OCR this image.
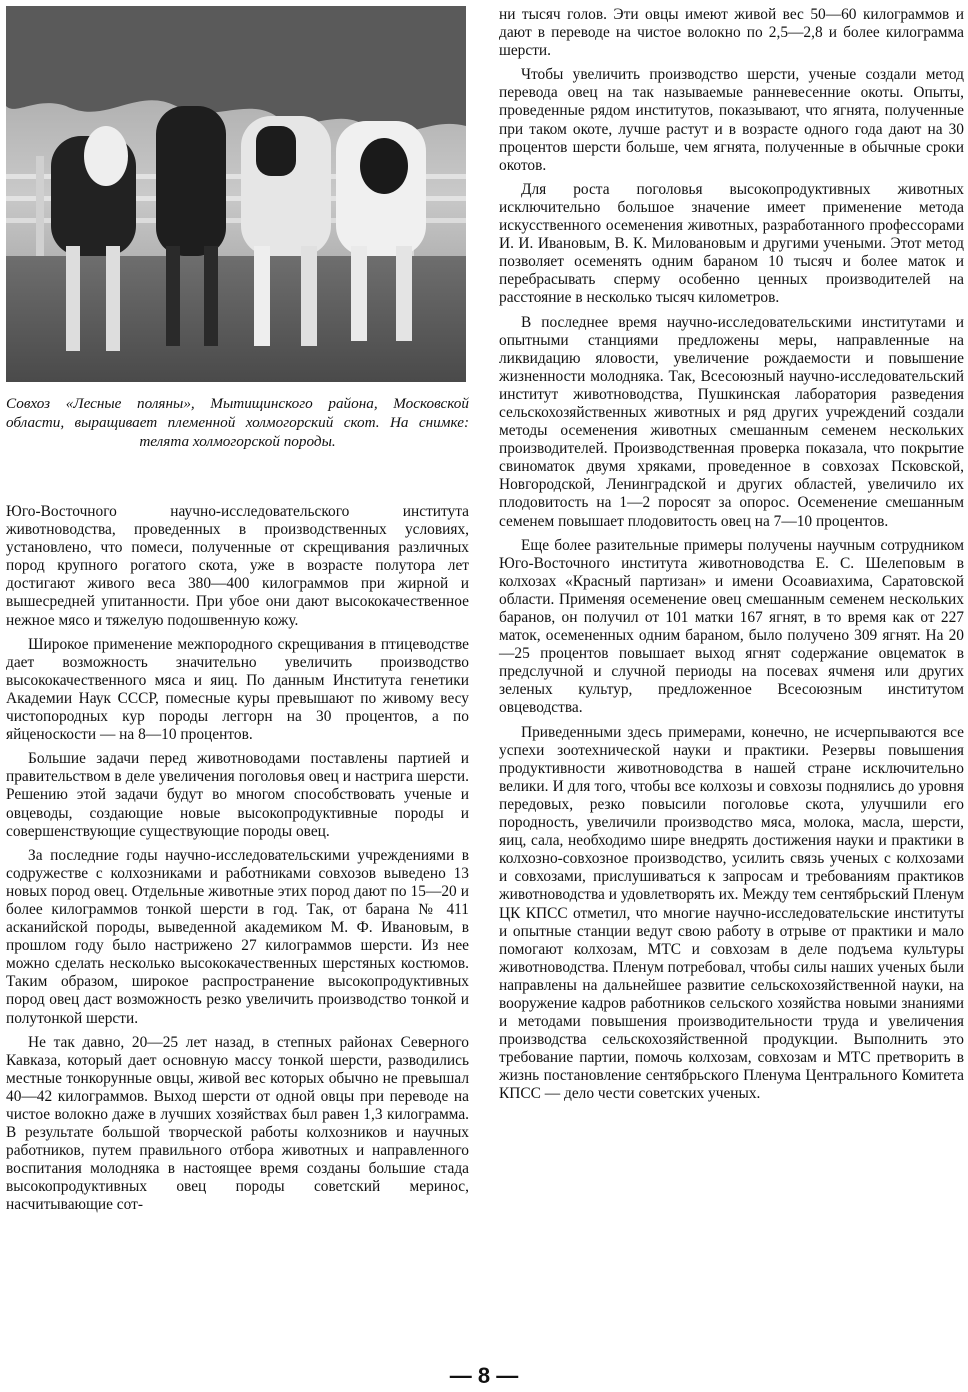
Совхоз «Лесные поляны», Мытищинского района, Московской области, выращивает племенной холмогорский скот. На снимке: телята холмогорской породы.

Юго-Восточного научно-исследовательского института животноводства, проведенных в производственных условиях, установлено, что помеси, полученные от скрещивания различных пород крупного рогатого скота, уже в возрасте полутора лет достигают живого веса 380—400 килограммов при жирной и вышесредней упитанности. При убое они дают высококачественное нежное мясо и тяжелую подошвенную кожу.

Широкое применение межпородного скрещивания в птицеводстве дает возможность значительно увеличить производство высококачественного мяса и яиц. По данным Института генетики Академии Наук СССР, помесные куры превышают по живому весу чистопородных кур породы леггорн на 30 процентов, а по яйценоскости — на 8—10 процентов.

Большие задачи перед животноводами поставлены партией и правительством в деле увеличения поголовья овец и настрига шерсти. Решению этой задачи будут во многом способствовать ученые и овцеводы, создающие новые высокопродуктивные породы и совершенствующие существующие породы овец.

За последние годы научно-исследовательскими учреждениями в содружестве с колхозниками и работниками совхозов выведено 13 новых пород овец. Отдельные животные этих пород дают по 15—20 и более килограммов тонкой шерсти в год. Так, от барана № 411 асканийской породы, выведенной академиком М. Ф. Ивановым, в прошлом году было настрижено 27 килограммов шерсти. Из нее можно сделать несколько высококачественных шерстяных костюмов. Таким образом, широкое распространение высокопродуктивных пород овец даст возможность резко увеличить производство тонкой и полутонкой шерсти.

Не так давно, 20—25 лет назад, в степных районах Северного Кавказа, который дает основную массу тонкой шерсти, разводились местные тонкорунные овцы, живой вес которых обычно не превышал 40—42 килограммов. Выход шерсти от одной овцы при переводе на чистое волокно даже в лучших хозяйствах был равен 1,3 килограмма. В результате большой творческой работы колхозников и научных работников, путем правильного отбора животных и направленного воспитания молодняка в настоящее время созданы большие стада высокопродуктивных овец породы советский меринос, насчитывающие сот-

ни тысяч голов. Эти овцы имеют живой вес 50—60 килограммов и дают в переводе на чистое волокно по 2,5—2,8 и более килограмма шерсти.

Чтобы увеличить производство шерсти, ученые создали метод перевода овец на так называемые ранневесенние окоты. Опыты, проведенные рядом институтов, показывают, что ягнята, полученные при таком окоте, лучше растут и в возрасте одного года дают на 30 процентов шерсти больше, чем ягнята, полученные в обычные сроки окотов.

Для роста поголовья высокопродуктивных животных исключительно большое значение имеет применение метода искусственного осеменения животных, разработанного профессорами И. И. Ивановым, В. К. Милованoвым и другими учеными. Этот метод позволяет осеменять одним бараном 10 тысяч и более маток и перебрасывать сперму особенно ценных производителей на расстояние в несколько тысяч километров.

В последнее время научно-исследовательскими институтами и опытными станциями предложены меры, направленные на ликвидацию яловости, увеличение рождаемости и повышение жизненности молодняка. Так, Всесоюзный научно-исследовательский институт животноводства, Пушкинская лаборатория разведения сельскохозяйственных животных и ряд других учреждений создали методы осеменения животных смешанным семенем нескольких производителей. Производственная проверка показала, что покрытие свиноматок двумя хряками, проведенное в совхозах Псковской, Новгородской, Ленинградской и других областей, увеличило их плодовитость на 1—2 поросят за опорос. Осеменение смешанным семенем повышает плодовитость овец на 7—10 процентов.

Еще более разительные примеры получены научным сотрудником Юго-Восточного института животноводства Е. С. Шелеповым в колхозах «Красный партизан» и имени Осоавиахима, Саратовской области. Применяя осеменение овец смешанным семенем нескольких баранов, он получил от 101 матки 167 ягнят, в то время как от 227 маток, осемененных одним бараном, было получено 309 ягнят. На 20—25 процентов повышает выход ягнят содержание овцематок в предслучной и случной периоды на посевах ячменя или других зеленых культур, предложенное Всесоюзным институтом овцеводства.

Приведенными здесь примерами, конечно, не исчерпываются все успехи зоотехнической науки и практики. Резервы повышения продуктивности животноводства в нашей стране исключительно велики. И для того, чтобы все колхозы и совхозы поднялись до уровня передовых, резко повысили поголовье скота, улучшили его породность, увеличили производство мяса, молока, масла, шерсти, яиц, сала, необходимо шире внедрять достижения науки и практики в колхозно-совхозное производство, усилить связь ученых с колхозами и совхозами, прислушиваться к запросам и требованиям практиков животноводства и удовлетворять их. Между тем сентябрьский Пленум ЦК КПСС отметил, что многие научно-исследовательские институты и опытные станции ведут свою работу в отрыве от практики и мало помогают колхозам, МТС и совхозам в деле подъема культуры животноводства. Пленум потребовал, чтобы силы наших ученых были направлены на дальнейшее развитие сельскохозяйственной науки, на вооружение кадров работников сельского хозяйства новыми знаниями и методами повышения производительности труда и увеличения производства сельскохозяйственной продукции. Выполнить это требование партии, помочь колхозам, совхозам и МТС претворить в жизнь постановление сентябрьского Пленума Центрального Комитета КПСС — дело чести советских ученых.

— 8 —
